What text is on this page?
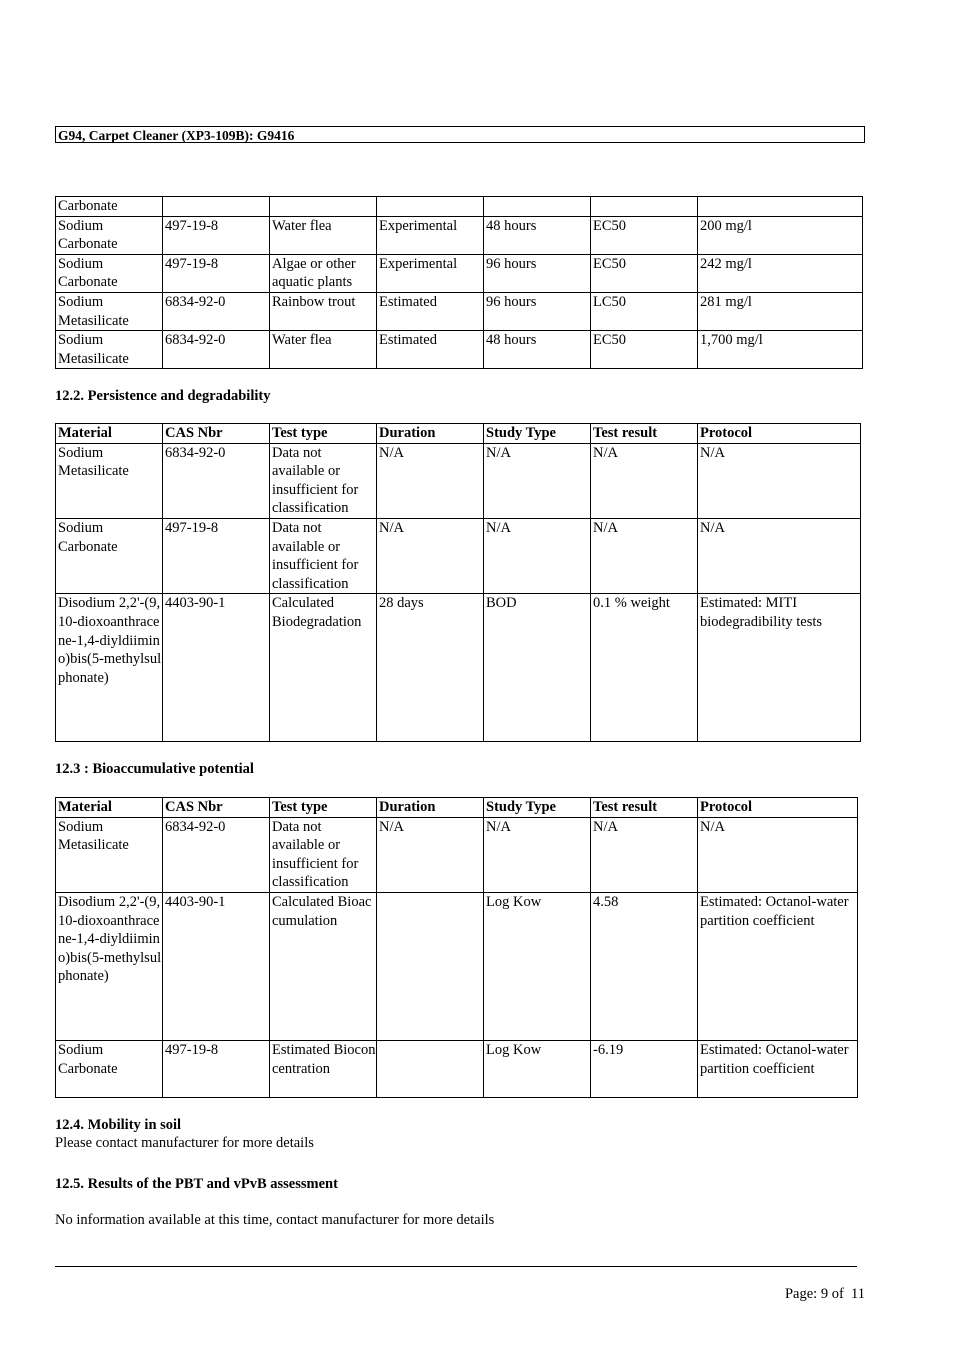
G94, Carpet Cleaner (XP3-109B): G9416
Carbonate						
Sodium Carbonate	497-19-8	Water flea	Experimental	48 hours	EC50	200 mg/l
Sodium Carbonate	497-19-8	Algae or other aquatic plants	Experimental	96 hours	EC50	242 mg/l
Sodium Metasilicate	6834-92-0	Rainbow trout	Estimated	96 hours	LC50	281 mg/l
Sodium Metasilicate	6834-92-0	Water flea	Estimated	48 hours	EC50	1,700 mg/l
12.2. Persistence and degradability
Material	CAS Nbr	Test type	Duration	Study Type	Test result	Protocol
Sodium Metasilicate	6834-92-0	Data not available or insufficient for classification	N/A	N/A	N/A	N/A
Sodium Carbonate	497-19-8	Data not available or insufficient for classification	N/A	N/A	N/A	N/A
Disodium 2,2'-(9,10-dioxoanthracene-1,4-diyldiimino)bis(5-methylsulphonate)	4403-90-1	Calculated Biodegradation	28 days	BOD	0.1 % weight	Estimated: MITI biodegradibility tests
12.3 : Bioaccumulative potential
Material	CAS Nbr	Test type	Duration	Study Type	Test result	Protocol
Sodium Metasilicate	6834-92-0	Data not available or insufficient for classification	N/A	N/A	N/A	N/A
Disodium 2,2'-(9,10-dioxoanthracene-1,4-diyldiimino)bis(5-methylsulphonate)	4403-90-1	Calculated Bioaccumulation		Log Kow	4.58	Estimated: Octanol-water partition coefficient
Sodium Carbonate	497-19-8	Estimated Bioconcentration		Log Kow	-6.19	Estimated: Octanol-water partition coefficient
12.4. Mobility in soil
Please contact manufacturer for more details
12.5. Results of the PBT and vPvB assessment
No information available at this time, contact manufacturer for more details
Page: 9 of  11
